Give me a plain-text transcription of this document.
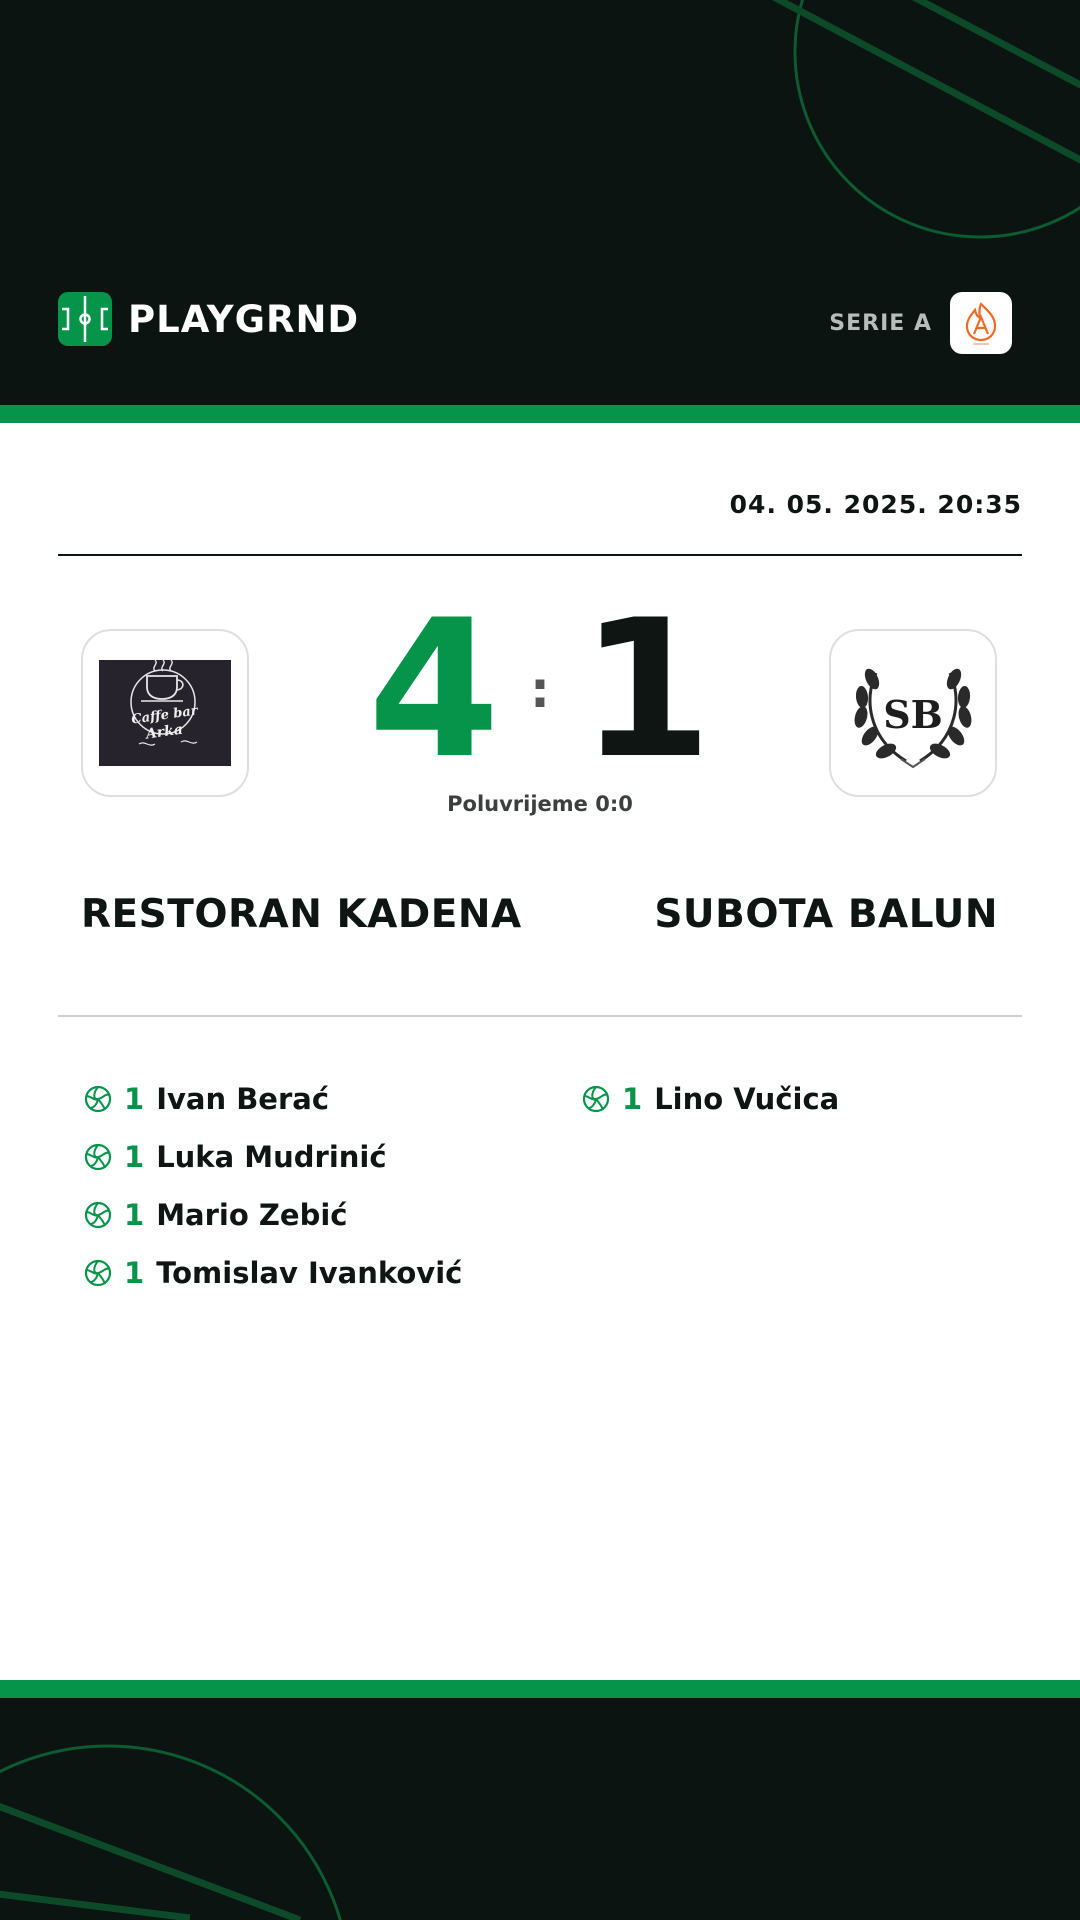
PLAYGRND	SERIE A
04. 05. 2025. 20:35
Caffe bar
Arka	SB
4 : 1
Poluvrijeme 0:0
RESTORAN KADENA	SUBOTA BALUN
1 Ivan Berać
1 Luka Mudrinić
1 Mario Zebić
1 Tomislav Ivanković
1 Lino Vučica
